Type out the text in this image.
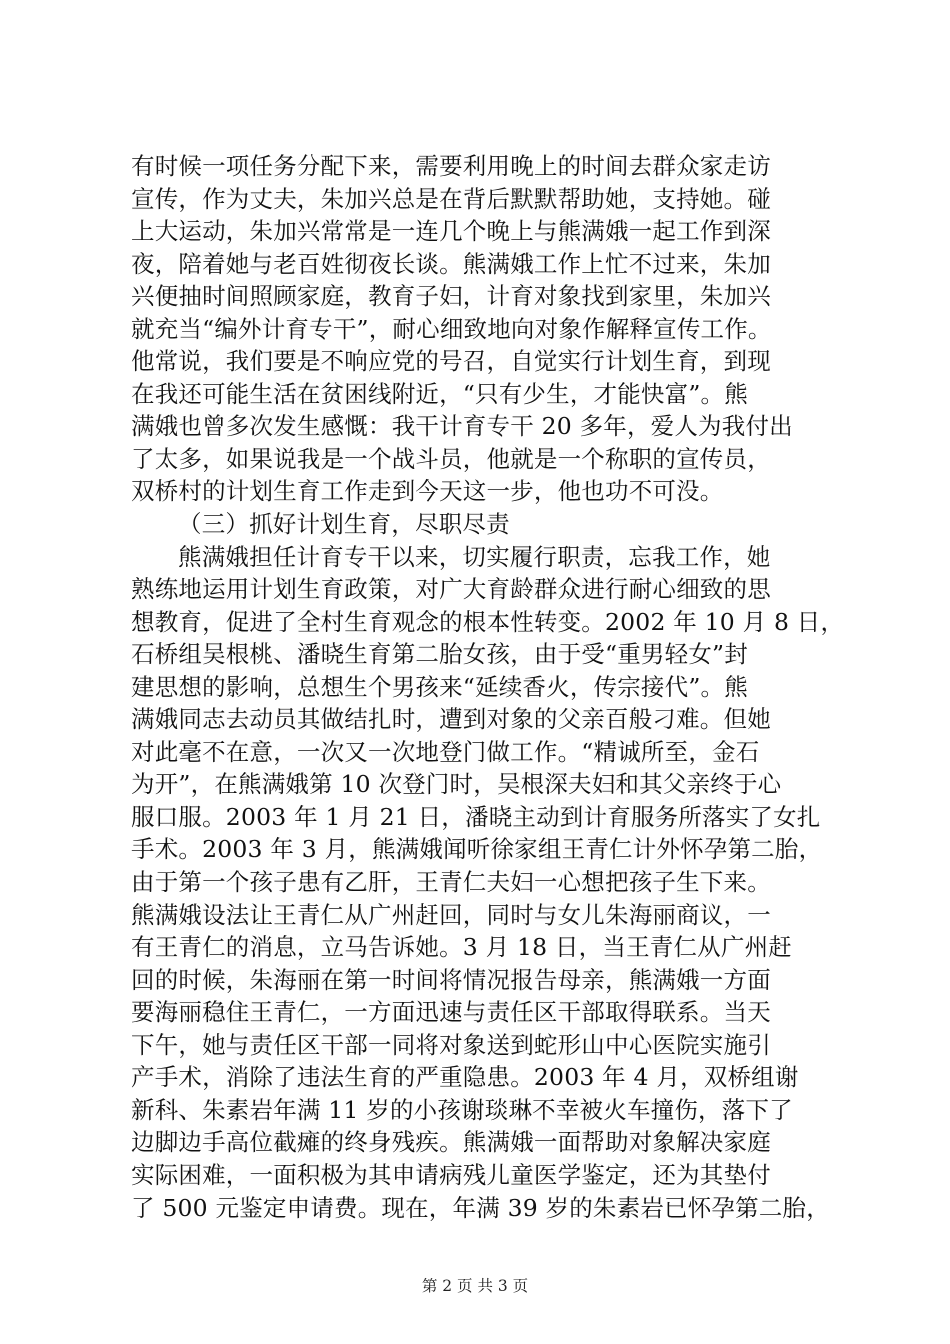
有时候一项任务分配下来，需要利用晚上的时间去群众家走访
宣传，作为丈夫，朱加兴总是在背后默默帮助她，支持她。碰
上大运动，朱加兴常常是一连几个晚上与熊满娥一起工作到深
夜，陪着她与老百姓彻夜长谈。熊满娥工作上忙不过来，朱加
兴便抽时间照顾家庭，教育子妇，计育对象找到家里，朱加兴
就充当“编外计育专干”，耐心细致地向对象作解释宣传工作。
他常说，我们要是不响应党的号召，自觉实行计划生育，到现
在我还可能生活在贫困线附近，“只有少生，才能快富”。熊
满娥也曾多次发生感慨：我干计育专干 20 多年，爱人为我付出
了太多，如果说我是一个战斗员，他就是一个称职的宣传员，
双桥村的计划生育工作走到今天这一步，他也功不可没。
（三）抓好计划生育，尽职尽责
熊满娥担任计育专干以来，切实履行职责，忘我工作，她
熟练地运用计划生育政策，对广大育龄群众进行耐心细致的思
想教育，促进了全村生育观念的根本性转变。2002 年 10 月 8 日，
石桥组吴根桃、潘晓生育第二胎女孩，由于受“重男轻女”封
建思想的影响，总想生个男孩来“延续香火，传宗接代”。熊
满娥同志去动员其做结扎时，遭到对象的父亲百般刁难。但她
对此毫不在意，一次又一次地登门做工作。“精诚所至，金石
为开”，在熊满娥第 10 次登门时，吴根深夫妇和其父亲终于心
服口服。2003 年 1 月 21 日，潘晓主动到计育服务所落实了女扎
手术。2003 年 3 月，熊满娥闻听徐家组王青仁计外怀孕第二胎，
由于第一个孩子患有乙肝，王青仁夫妇一心想把孩子生下来。
熊满娥设法让王青仁从广州赶回，同时与女儿朱海丽商议，一
有王青仁的消息，立马告诉她。3 月 18 日，当王青仁从广州赶
回的时候，朱海丽在第一时间将情况报告母亲，熊满娥一方面
要海丽稳住王青仁，一方面迅速与责任区干部取得联系。当天
下午，她与责任区干部一同将对象送到蛇形山中心医院实施引
产手术，消除了违法生育的严重隐患。2003 年 4 月，双桥组谢
新科、朱素岩年满 11 岁的小孩谢琰琳不幸被火车撞伤，落下了
边脚边手高位截瘫的终身残疾。熊满娥一面帮助对象解决家庭
实际困难，一面积极为其申请病残儿童医学鉴定，还为其垫付
了 500 元鉴定申请费。现在，年满 39 岁的朱素岩已怀孕第二胎，
第 2 页 共 3 页
